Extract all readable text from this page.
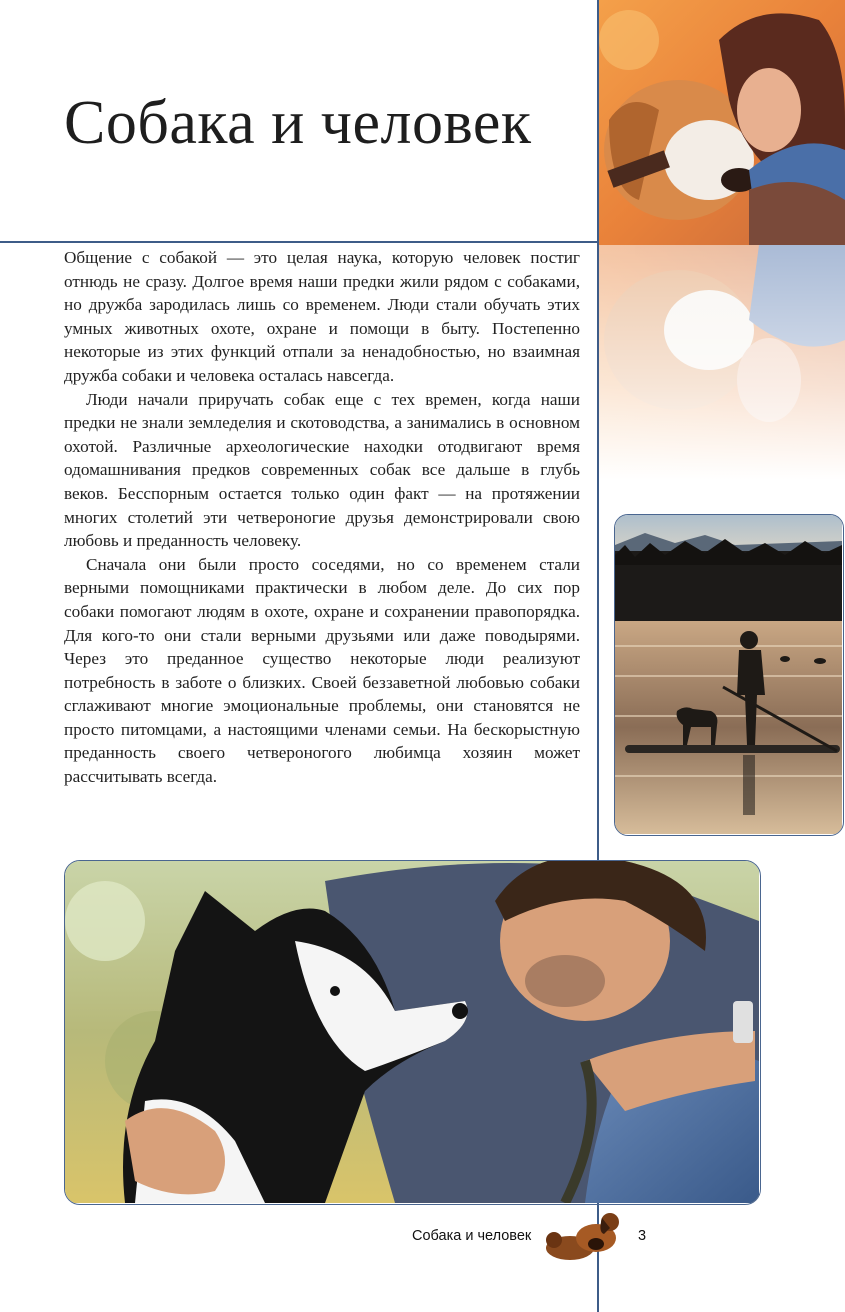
Собака и человек

Общение с собакой — это целая наука, которую человек постиг отнюдь не сразу. Долгое время наши предки жили рядом с собаками, но дружба зародилась лишь со временем. Люди стали обучать этих умных животных охоте, охране и помощи в быту. Постепенно некоторые из этих функций отпали за ненадобностью, но взаимная дружба собаки и человека осталась навсегда.

Люди начали приручать собак еще с тех времен, когда наши предки не знали земледелия и скотоводства, а занимались в основном охотой. Различные археологические находки отодвигают время одомашнивания предков современных собак все дальше в глубь веков. Бесспорным остается только один факт — на протяжении многих столетий эти четвероногие друзья демонстрировали свою любовь и преданность человеку.

Сначала они были просто соседями, но со временем стали верными помощниками практически в любом деле. До сих пор собаки помогают людям в охоте, охране и сохранении правопорядка. Для кого-то они стали верными друзьями или даже поводырями. Через это преданное существо некоторые люди реализуют потребность в заботе о близких. Своей беззаветной любовью собаки сглаживают многие эмоциональные проблемы, они становятся не просто питомцами, а настоящими членами семьи. На бескорыстную преданность своего четвероногого любимца хозяин может рассчитывать всегда.

Собака и человек	3
